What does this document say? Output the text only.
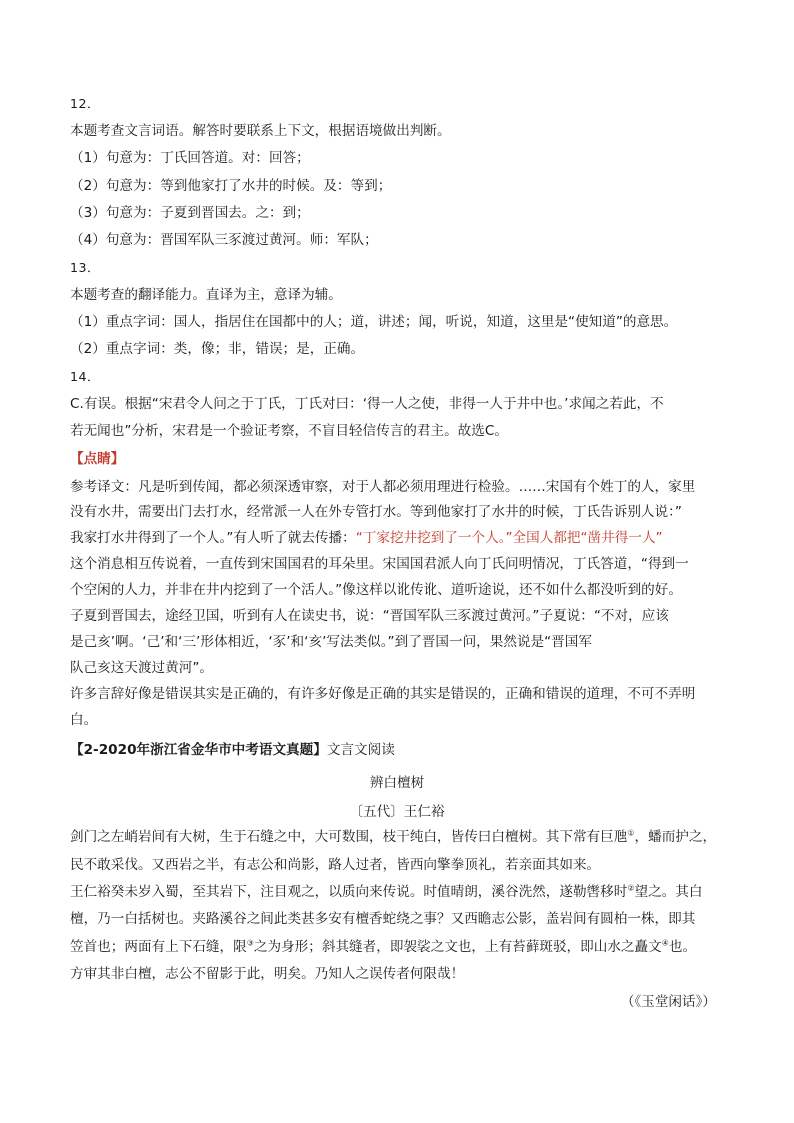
12．
本题考查文言词语。解答时要联系上下文，根据语境做出判断。
（1）句意为：丁氏回答道。对：回答；
（2）句意为：等到他家打了水井的时候。及：等到；
（3）句意为：子夏到晋国去。之：到；
（4）句意为：晋国军队三豕渡过黄河。师：军队；
13．
本题考查的翻译能力。直译为主，意译为辅。
（1）重点字词：国人，指居住在国都中的人；道，讲述；闻，听说，知道，这里是“使知道”的意思。
（2）重点字词：类，像；非，错误；是，正确。
14．
C.有误。根据“宋君令人问之于丁氏，丁氏对曰：‘得一人之使，非得一人于井中也。’求闻之若此，不
若无闻也”分析，宋君是一个验证考察，不盲目轻信传言的君主。故选C。
【点睛】
参考译文：凡是听到传闻，都必须深透审察，对于人都必须用理进行检验。……宋国有个姓丁的人，家里
没有水井，需要出门去打水，经常派一人在外专管打水。等到他家打了水井的时候，丁氏告诉别人说：”
我家打水井得到了一个人。”有人听了就去传播：“丁家挖井挖到了一个人。”全国人都把“凿井得一人”
这个消息相互传说着，一直传到宋国国君的耳朵里。宋国国君派人向丁氏问明情况，丁氏答道，“得到一
个空闲的人力，并非在井内挖到了一个活人。”像这样以讹传讹、道听途说，还不如什么都没听到的好。
子夏到晋国去，途经卫国，听到有人在读史书，说：“晋国军队三豕渡过黄河。”子夏说：“不对，应该
是己亥’啊。‘己’和‘三’形体相近，‘豕’和‘亥’写法类似。”到了晋国一问，果然说是“晋国军
队己亥这天渡过黄河”。
许多言辞好像是错误其实是正确的，有许多好像是正确的其实是错误的，正确和错误的道理，不可不弄明
白。
【2-2020年浙江省金华市中考语文真题】文言文阅读
辨白檀树
〔五代〕王仁裕
剑门之左峭岩间有大树，生于石缝之中，大可数围，枝干纯白，皆传曰白檀树。其下常有巨虺①，蟠而护之，
民不敢采伐。又西岩之半，有志公和尚影，路人过者，皆西向擎拳顶礼，若亲面其如来。
王仁裕癸未岁入蜀，至其岩下，注目观之，以质向来传说。时值晴朗，溪谷洗然，遂勒辔移时②望之。其白
檀，乃一白括树也。夹路溪谷之间此类甚多安有檀香蛇绕之事？又西瞻志公影，盖岩间有圆柏一株，即其
笠首也；两面有上下石缝，限③之为身形；斜其缝者，即袈裟之文也，上有苔藓斑驳，即山水之矗文④也。
方审其非白檀，志公不留影于此，明矣。乃知人之误传者何限哉！
（《玉堂闲话》）
